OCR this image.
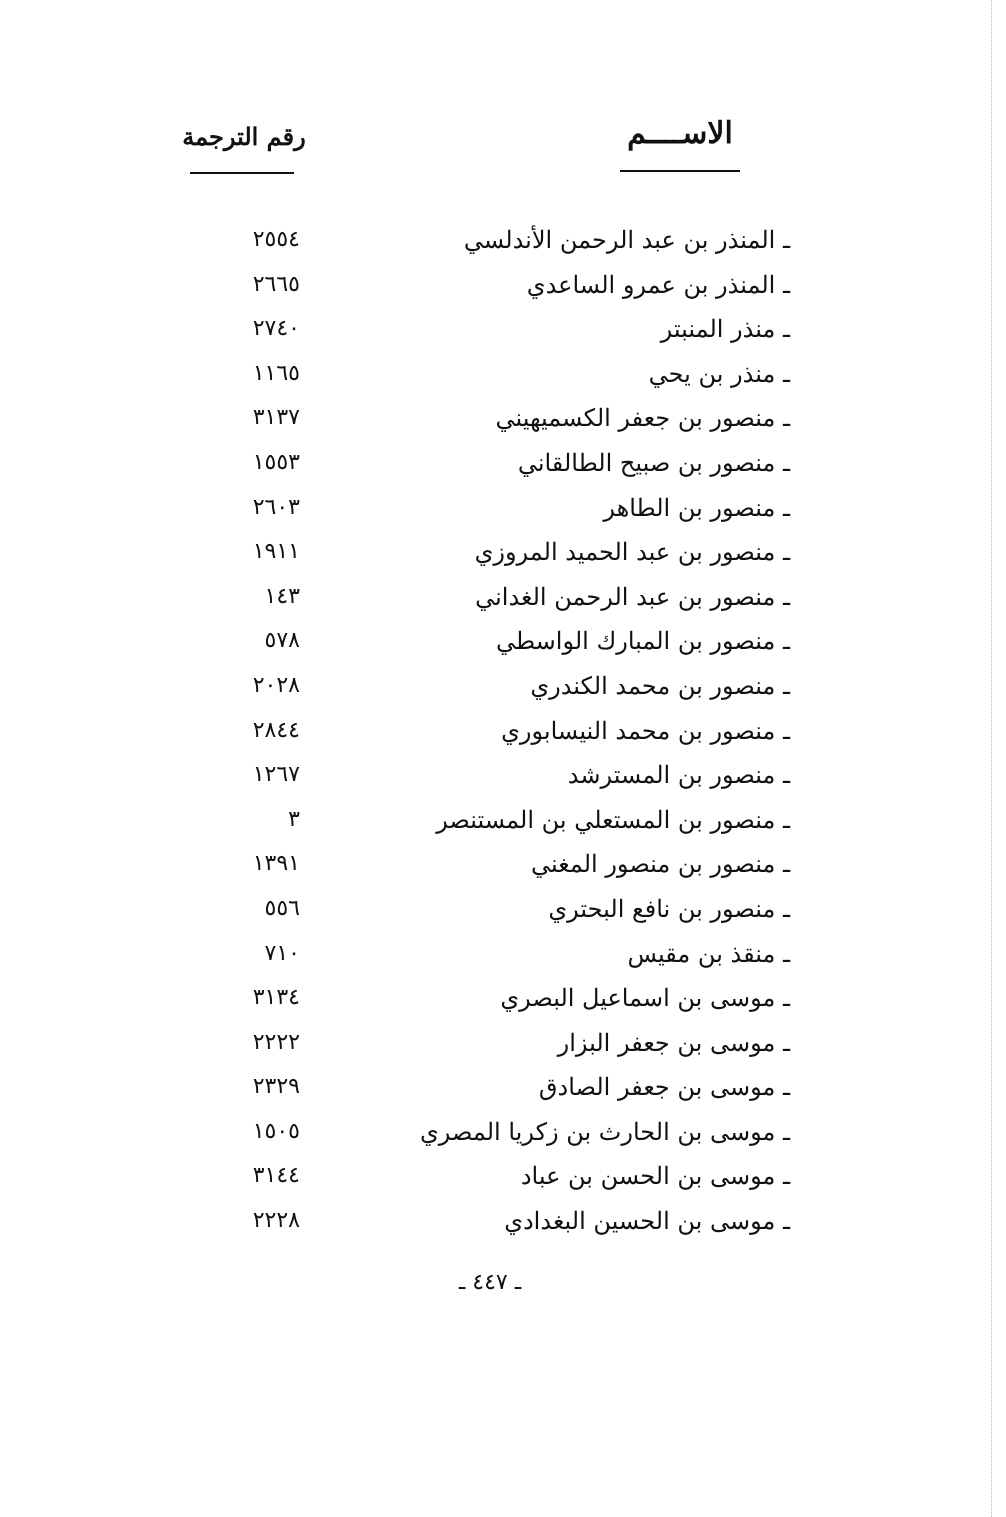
الاســــم
رقم الترجمة
ـ المنذر بن عبد الرحمن الأندلسي
٢٥٥٤
ـ المنذر بن عمرو الساعدي
٢٦٦٥
ـ منذر المنبتر
٢٧٤٠
ـ منذر بن يحي
١١٦٥
ـ منصور بن جعفر الكسميهيني
٣١٣٧
ـ منصور بن صبيح الطالقاني
١٥٥٣
ـ منصور بن الطاهر
٢٦٠٣
ـ منصور بن عبد الحميد المروزي
١٩١١
ـ منصور بن عبد الرحمن الغداني
١٤٣
ـ منصور بن المبارك الواسطي
٥٧٨
ـ منصور بن محمد الكندري
٢٠٢٨
ـ منصور بن محمد النيسابوري
٢٨٤٤
ـ منصور بن المسترشد
١٢٦٧
ـ منصور بن المستعلي بن المستنصر
٣
ـ منصور بن منصور المغني
١٣٩١
ـ منصور بن نافع البحتري
٥٥٦
ـ منقذ بن مقيس
٧١٠
ـ موسى بن اسماعيل البصري
٣١٣٤
ـ موسى بن جعفر البزار
٢٢٢٢
ـ موسى بن جعفر الصادق
٢٣٢٩
ـ موسى بن الحارث بن زكريا المصري
١٥٠٥
ـ موسى بن الحسن بن عباد
٣١٤٤
ـ موسى بن الحسين البغدادي
٢٢٢٨
ـ ٤٤٧ ـ
